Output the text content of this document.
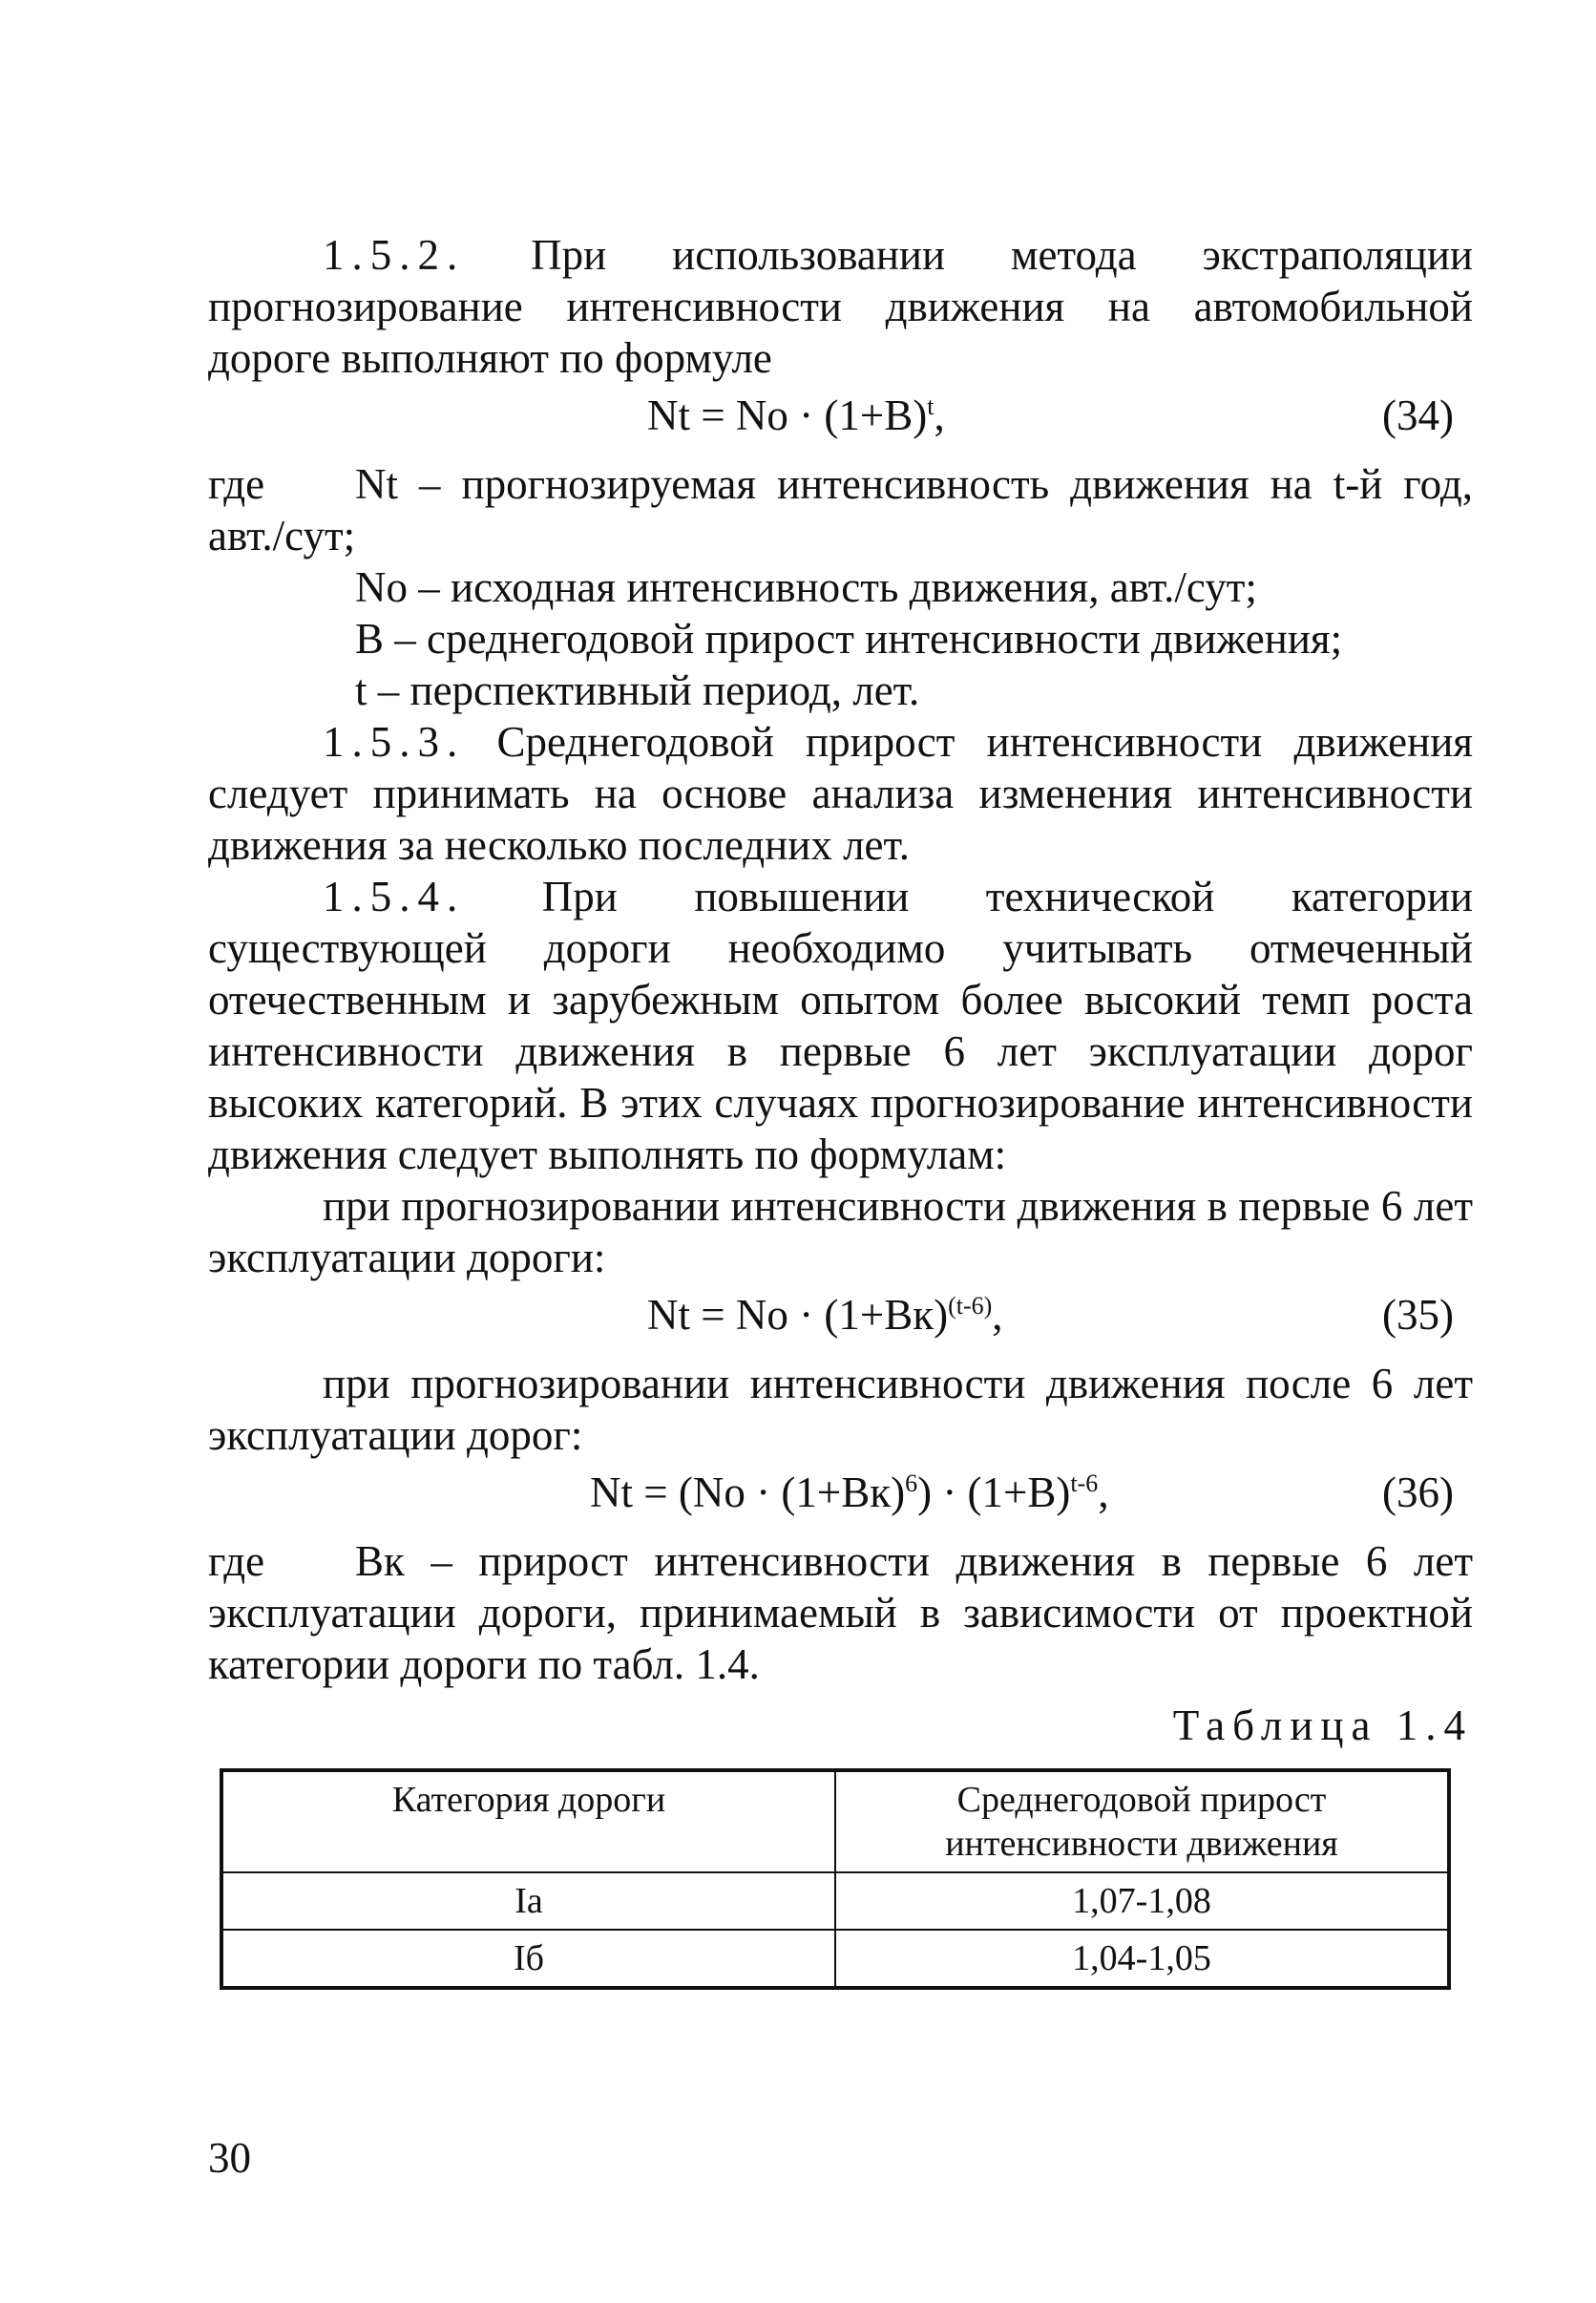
1.5.2. При использовании метода экстраполяции прогнозирование интенсивности движения на автомобильной дороге выполняют по формуле

$Nt = No \cdot (1+B)^t$,	(34)

где Nt – прогнозируемая интенсивность движения на t-й год, авт./сут;

No – исходная интенсивность движения, авт./сут;
B – среднегодовой прирост интенсивности движения;
t – перспективный период, лет.

1.5.3. Среднегодовой прирост интенсивности движения следует принимать на основе анализа изменения интенсивности движения за несколько последних лет.

1.5.4. При повышении технической категории существующей дороги необходимо учитывать отмеченный отечественным и зарубежным опытом более высокий темп роста интенсивности движения в первые 6 лет эксплуатации дорог высоких категорий. В этих случаях прогнозирование интенсивности движения следует выполнять по формулам:

при прогнозировании интенсивности движения в первые 6 лет эксплуатации дороги:

$Nt = No \cdot (1+Bк)^{(t-6)}$,	(35)

при прогнозировании интенсивности движения после 6 лет эксплуатации дорог:

$Nt = (No \cdot (1+Bк)^6) \cdot (1+B)^{t-6}$,	(36)

где Bк – прирост интенсивности движения в первые 6 лет эксплуатации дороги, принимаемый в зависимости от проектной категории дороги по табл. 1.4.

Таблица 1.4
Категория дороги	Среднегодовой прирост интенсивности движения
Iа	1,07-1,08
Iб	1,04-1,05
30
